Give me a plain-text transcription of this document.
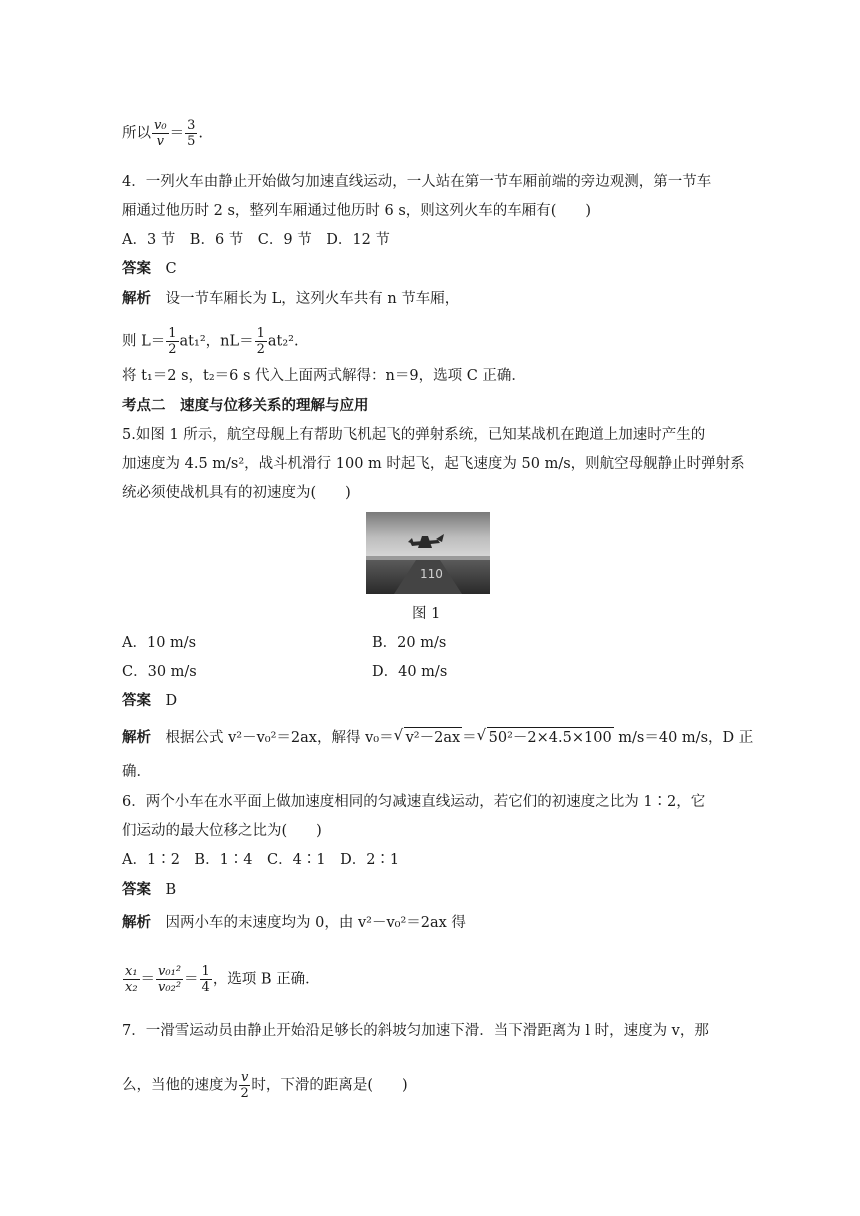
所以 $\frac{\text{v₀}}{v} = \frac{3}{5}$ .
4．一列火车由静止开始做匀加速直线运动，一人站在第一节车厢前端的旁边观测，第一节车
厢通过他历时 2 s，整列车厢通过他历时 6 s，则这列火车的车厢有(　　)
A．3 节　B．6 节　C．9 节　D．12 节
答案　 C
解析　 设一节车厢长为 L，这列火车共有 n 节车厢，
则 $L= \frac{1}{2} at_1^2$，$nL= \frac{1}{2} at_2^2$.
将 t₁＝2 s，t₂＝6 s 代入上面两式解得：n＝9，选项 C 正确．
考点二　速度与位移关系的理解与应用
5.如图 1 所示，航空母舰上有帮助飞机起飞的弹射系统，已知某战机在跑道上加速时产生的
加速度为 4.5 m/s²，战斗机滑行 100 m 时起飞，起飞速度为 50 m/s，则航空母舰静止时弹射系
统必须使战机具有的初速度为(　　)
110
图 1
A．10 m/s	B．20 m/s
C．30 m/s	D．40 m/s
答案　 D
解析　 根据公式 v²－v₀²＝2ax，解得 v₀＝ √ v²－2ax ＝ √ 50²－2×4.5×100 m/s＝40 m/s，D 正
确．
6．两个小车在水平面上做加速度相同的匀减速直线运动，若它们的初速度之比为 1∶2，它
们运动的最大位移之比为(　　)
A．1∶2　B．1∶4　C．4∶1　D．2∶1
答案　 B
解析　 因两小车的末速度均为 0，由 v²－v₀²＝2ax 得
$\frac{\text{x₁}}{\text{x₂}} = \frac{\text{v₀₁²}}{\text{v₀₂²}} = \frac{1}{4}$ ，选项 B 正确．
7．一滑雪运动员由静止开始沿足够长的斜坡匀加速下滑．当下滑距离为 l 时，速度为 v，那
么，当他的速度为 $\frac{v}{2}$ 时，下滑的距离是(　　)
